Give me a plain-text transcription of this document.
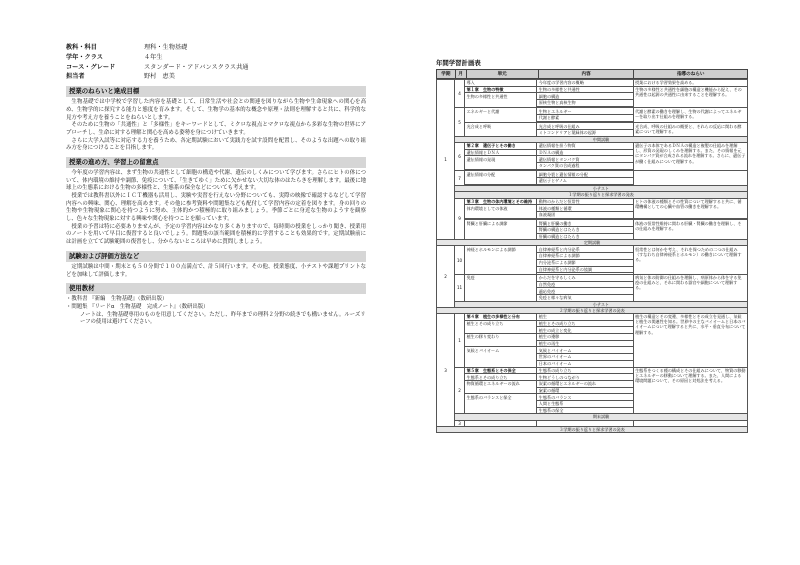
教科・科目	理科・生物基礎
学年・クラス	４年生
コース・グレード	スタンダード・アドバンスクラス共通
担当者	野村　恵美
授業のねらいと達成目標

生物基礎では中学校で学習した内容を基礎として、日常生活や社会との関連を図りながら生物や生命現象への関心を高め、生物学的に探究する能力と態度を育みます。そして、生物学の基本的な概念や原理・法則を理解すると共に、科学的な見方や考え方を養うことをねらいとします。

そのために生物の「共通性」と「多様性」をキーワードとして、ミクロな視点とマクロな視点から多彩な生物の世界にアプローチし、生命に対する理解と関心を高める姿勢を身につけていきます。

さらに大学入試等に対応する力を養うため、各定期試験において実践力を試す設問を配置し、そのような出題への取り組み方を身につけることを目指します。

授業の進め方、学習上の留意点

今年度の学習内容は、まず生物の共通性として細胞の構造や代謝、遺伝のしくみについて学びます。さらにヒトの体について、体内環境の維持や調節、免疫について、「生きてゆく」ために欠かせない大切な体のはたらきを理解します。最後に地球上の生態系における生物の多様性と、生態系の保全などについても考えます。

授業では教科書以外にＩＣＴ機器も活用し、実験や実習を行えない分野についても、実際の映像で確認するなどして学習内容への興味、関心、理解を高めます。その他に参考資料や問題集なども配付して学習内容の定着を図ります。身の回りの生物や生物現象に関心を持つように努め、主体的かつ積極的に取り組みましょう。季節ごとに身近な生物のようすを観察し、色々な生物現象に対する興味や関心を持つことを願っています。

授業の予習は特に必要ありませんが、予定の学習内容はかなり多くありますので、毎時間の授業をしっかり聞き、授業用のノートを用いて早目に復習すると良いでしょう。問題集の該当範囲を積極的に学習することも効果的です。定期試験前には計画を立てて試験範囲の復習をし、分からないところは早めに質問しましょう。

試験および評価方法など

定期試験は中間・期末とも５０分間で１００点満点で、計５回行います。その他、授業態度、小テストや課題プリントなどを加味して評価します。

使用教材

・教科書 『新編　生物基礎』（数研出版）

・問題集 『リードα　生物基礎　完成ノート』（数研出版）

ノートは、生物基礎専用のものを用意してください。ただし、昨年までの理科２分野の続きでも構いません。ルーズリーフの使用は避けてください。

年間学習計画表
学期	月	単元	内容	指導のねらい
1	4	導入	今年度の学習内容の概略	授業における学習効果を高める。
		第１章　生物の特徴	生物の多様性と共通性	生物の多様性と共通性を細胞の構造と機能から捉え、その共通性は起源の共通性に由来することを理解する。
		生物の多様性と共通性	細胞の構造	
			原核生物と真核生物	

	5	エネルギーと代謝	生物とエネルギー	代謝と酵素の働きを理解し、生物の代謝によってエネルギーを取り出す仕組みを理解する。
			代謝と酵素	

		光合成と呼吸	光合成と呼吸の仕組み	光合成、呼吸の仕組みの概要と、それらの反応に関わる酵素について理解する。
			ミトコンドリアと葉緑体の起源	
	中間試験			
	6	第２章　遺伝子とその働き	遺伝情報を担う物質	遺伝子の本体であるＤＮＡの構造と複製の仕組みを理解し、形質の発現のしくみを理解する。また、その情報を元にタンパク質が合成される流れを理解する。さらに、遺伝子が働く仕組みについて理解する。
		遺伝情報とＤＮＡ	ＤＮＡの構造	
		遺伝情報の発現	遺伝情報とタンパク質	
			タンパク質の合成過程	

	7	遺伝情報の分配	細胞分裂と遺伝情報の分配	
			遺伝子とゲノム	

	小テスト			
	１学期の振り返りと探求学習の発表			
	9	第３章　生物の体内環境とその維持	動物のからだと恒常性	ヒトの体液の種類とその性質について理解すると共に、循環機構としての心臓や血管の働きを理解する。
		体内環境としての体液	体液の種類と循環	
			血液凝固	

		腎臓と肝臓による調節	腎臓と肝臓の働き	体液の恒常性維持に関わる肝臓・腎臓の働きを理解し、その仕組みを理解する。
			腎臓の構造とはたらき	
			肝臓の構造とはたらき	
定期試験				
2	10	神経とホルモンによる調節	自律神経系と内分泌系	恒常性とは何かを考え、それを保つための二つの仕組み（すなわち自律神経系とホルモン）の働きについて理解する。
			自律神経系による調節	
			内分泌系による調節	
			自律神経系と内分泌系の協調	

	11	免疫	からだを守るしくみ	病気と体の防御の仕組みを理解し、病原体から体を守る免疫の仕組みと、それに関わる器官や細胞について理解する。
			自然免疫	
			適応免疫	
			免疫と様々な病気	
	小テスト			
２学期の振り返りと探求学習の発表				
3	1	第４章　植生の多様性と分布	植生	植生の構造とその変遷、多様性とその成立を見通し、気候と植生の関連性を知る。世界中の主なバイオームと日本のバイオームについて理解すると共に、水平・垂直分布について理解する。
		植生とその成り立ち	植生とその成り立ち	
			植生の成立と変化	
		植生の移り変わり	植生の遷移	
			植生の再生	
		気候とバイオーム	気候とバイオーム	
			世界のバイオーム	
			日本のバイオーム	
	2	第５章　生態系とその保全	生態系の成り立ち	生態系をつくる種の構成とその仕組みについて、物質の移動とエネルギーの移動について理解する。また、人間による環境問題について、その原因と対処法を考える。
		生態系とその成り立ち	生物どうしのつながり	
		物質循環とエネルギーの流れ	炭素の循環とエネルギーの流れ	
			窒素の循環	
		生態系のバランスと保全	生態系のバランス	
			人間と生態系	
			生態系の保全	
	期末試験			
	3			
３学期の振り返りと探求学習の発表				
